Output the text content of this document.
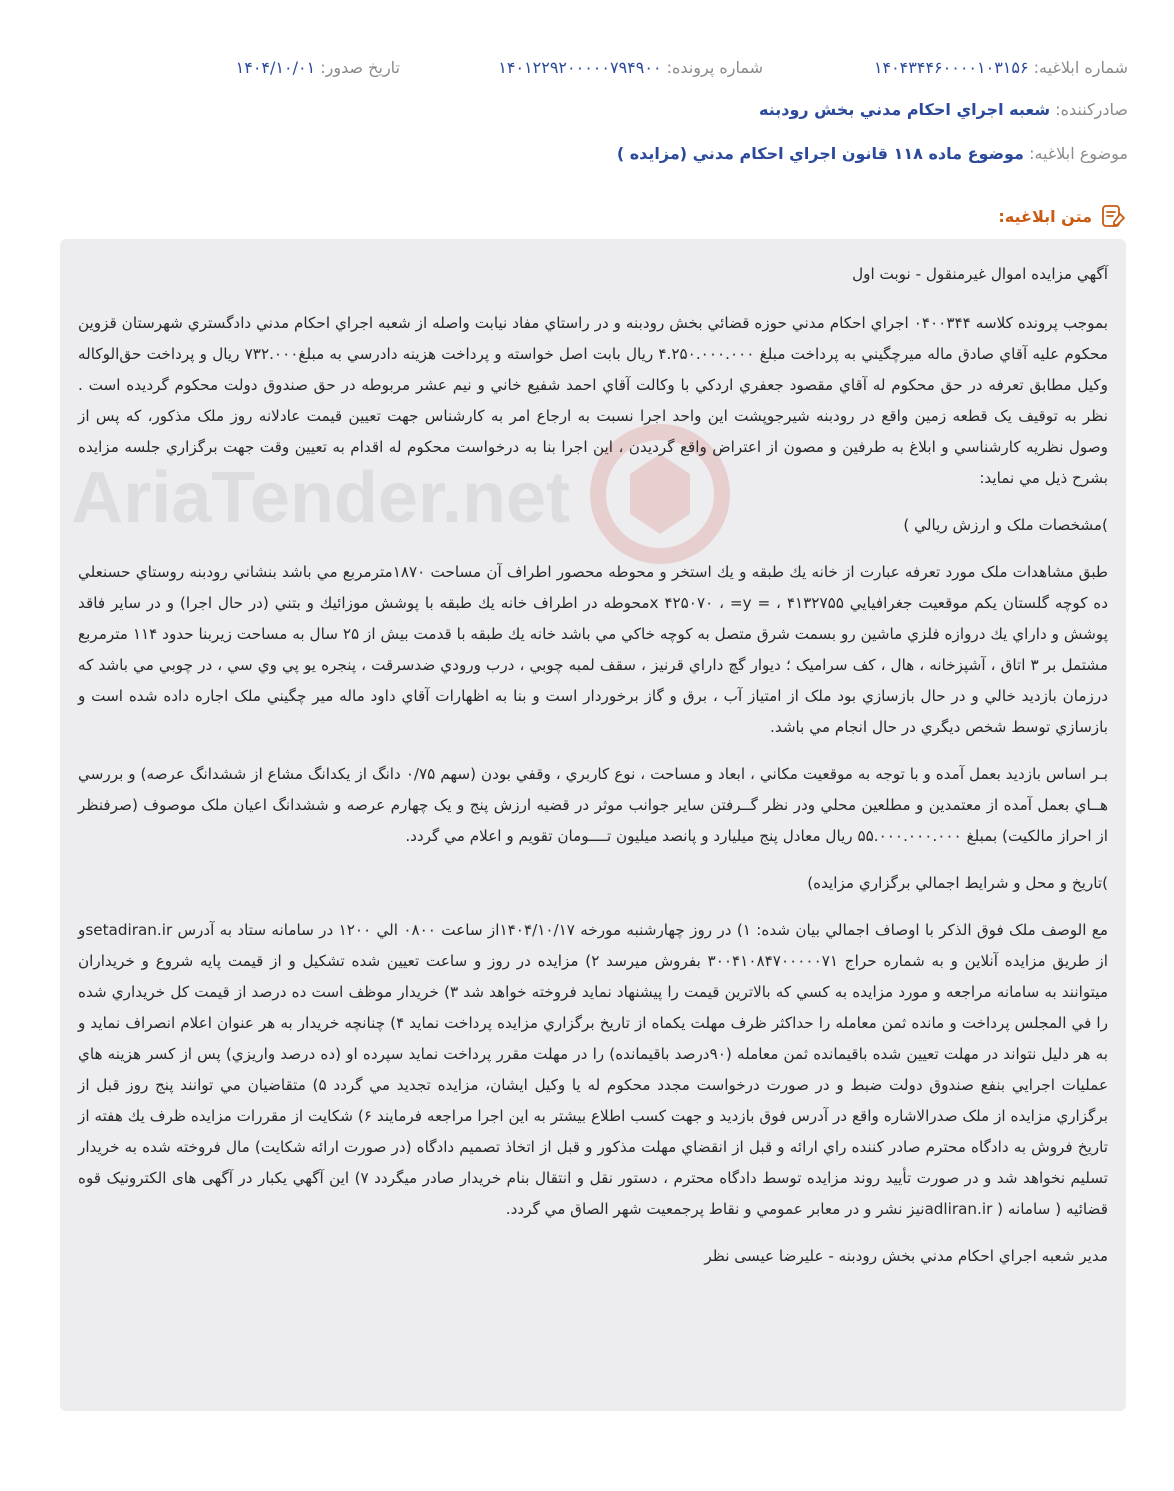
شماره ابلاغيه: ۱۴۰۴۳۴۴۶۰۰۰۰۱۰۳۱۵۶
شماره پرونده: ۱۴۰۱۲۲۹۲۰۰۰۰۰۷۹۴۹۰۰
تاريخ صدور: ۱۴۰۴/۱۰/۰۱
صادركننده: شعبه اجراي احكام مدني بخش رودبنه
موضوع ابلاغيه: موضوع ماده ۱۱۸ قانون اجراي احكام مدني (مزايده )
متن ابلاغيه:
AriaTender.net

آگهي مزايده اموال غيرمنقول - نوبت اول

بموجب پرونده كلاسه ۰۴۰۰۳۴۴ اجراي احكام مدني حوزه قضائي بخش رودبنه و در راستاي مفاد نيابت واصله از شعبه اجراي احكام مدني دادگستري شهرستان قزوين محكوم عليه آقاي صادق ماله ميرچگيني به پرداخت مبلغ ۴.۲۵۰.۰۰۰.۰۰۰ ريال بابت اصل خواسته و پرداخت هزينه دادرسي به مبلغ۷۳۲.۰۰۰ ريال و پرداخت حق‌الوكاله وكيل مطابق تعرفه در حق محكوم له آقاي مقصود جعفري اردكي با وكالت آقاي احمد شفيع خاني و نيم عشر مربوطه در حق صندوق دولت محكوم گرديده است . نظر به توقيف يک قطعه زمين واقع در رودبنه شيرجوپشت اين واحد اجرا نسبت به ارجاع امر به كارشناس جهت تعيين قيمت عادلانه روز ملک مذكور، كه پس از وصول نظريه كارشناسي و ابلاغ به طرفين و مصون از اعتراض واقع گرديدن ، اين اجرا بنا به درخواست محكوم له اقدام به تعيين وقت جهت برگزاري جلسه مزايده بشرح ذيل مي نمايد:

)مشخصات ملک و ارزش ريالي )

طبق مشاهدات ملک مورد تعرفه عبارت از خانه يك طبقه و يك استخر و محوطه محصور اطراف آن مساحت ۱۸۷۰مترمربع مي باشد بنشاني رودبنه روستاي حسنعلي ده كوچه گلستان يكم موقعيت جغرافيايي ۴۱۳۲۷۵۵ ، = x ۴۲۵۰۷۰ ، =yمحوطه در اطراف خانه يك طبقه با پوشش موزائيك و بتني (در حال اجرا) و در ساير فاقد پوشش و داراي يك دروازه فلزي ماشين رو بسمت شرق متصل به كوچه خاكي مي باشد خانه يك طبقه با قدمت بيش از ۲۵ سال به مساحت زيربنا حدود ۱۱۴ مترمربع مشتمل بر ۳ اتاق ، آشپزخانه ، هال ، كف سراميک ؛ ديوار گچ داراي قرنيز ، سقف لمبه چوبي ، درب ورودي ضدسرقت ، پنجره يو پي وي سي ، در چوبي مي باشد كه درزمان بازديد خالي و در حال بازسازي بود ملک از امتياز آب ، برق و گاز برخوردار است و بنا به اظهارات آقاي داود ماله مير چگيني ملک اجاره داده شده است و بازسازي توسط شخص ديگري در حال انجام مي باشد.

بـر اساس بازديد بعمل آمده و با توجه به موقعيت مكاني ، ابعاد و مساحت ، نوع كاربري ، وقفي بودن (سهم ۰/۷۵ دانگ از يكدانگ مشاع از ششدانگ عرصه) و بررسي هــاي بعمل آمده از معتمدين و مطلعين محلي ودر نظر گــرفتن ساير جوانب موثر در قضيه ارزش پنج و يک چهارم عرصه و ششدانگ اعيان ملک موصوف (صرفنظر از احراز مالكيت) بمبلغ ۵۵.۰۰۰.۰۰۰.۰۰۰ ريال معادل پنج ميلیارد و پانصد ميليون تــــومان تقويم و اعلام مي گردد.

)تاريخ و محل و شرايط اجمالي برگزاري مزايده)

مع الوصف ملک فوق الذكر با اوصاف اجمالي بيان شده: ۱) در روز چهارشنبه مورخه ۱۴۰۴/۱۰/۱۷از ساعت ۰۸۰۰ الي ۱۲۰۰ در سامانه ستاد به آدرس setadiran.irو از طريق مزايده آنلاين و به شماره حراج ۳۰۰۴۱۰۸۴۷۰۰۰۰۰۷۱ بفروش ميرسد ۲) مزايده در روز و ساعت تعيين شده تشكيل و از قيمت پايه شروع و خريداران ميتوانند به سامانه مراجعه و مورد مزايده به كسي كه بالاترين قيمت را پيشنهاد نمايد فروخته خواهد شد ۳) خريدار موظف است ده درصد از قيمت كل خريداري شده را في المجلس پرداخت و مانده ثمن معامله را حداكثر ظرف مهلت يكماه از تاريخ برگزاري مزايده پرداخت نمايد ۴) چنانچه خريدار به هر عنوان اعلام انصراف نمايد و به هر دليل نتواند در مهلت تعيين شده باقيمانده ثمن معامله (۹۰درصد باقيمانده) را در مهلت مقرر پرداخت نمايد سپرده او (ده درصد واريزي) پس از كسر هزينه هاي عمليات اجرايي بنفع صندوق دولت ضبط و در صورت درخواست مجدد محكوم له يا وكيل ايشان، مزايده تجديد مي گردد ۵) متقاضيان مي توانند پنج روز قبل از برگزاري مزايده از ملک صدرالاشاره واقع در آدرس فوق بازديد و جهت كسب اطلاع بيشتر به اين اجرا مراجعه فرمايند ۶) شكايت از مقررات مزايده ظرف يك هفته از تاريخ فروش به دادگاه محترم صادر كننده راي ارائه و قبل از انقضاي مهلت مذكور و قبل از اتخاذ تصميم دادگاه (در صورت ارائه شكايت) مال فروخته شده به خريدار تسليم نخواهد شد و در صورت تأييد روند مزايده توسط دادگاه محترم ، دستور نقل و انتقال بنام خريدار صادر ميگردد ۷) اين آگهي يكبار در آگهی های الكترونيک قوه قضائيه ( سامانه ( adliran.irنيز نشر و در معابر عمومي و نقاط پرجمعيت شهر الصاق مي گردد.

مدير شعبه اجراي احكام مدني بخش رودبنه - عليرضا عيسی نظر
